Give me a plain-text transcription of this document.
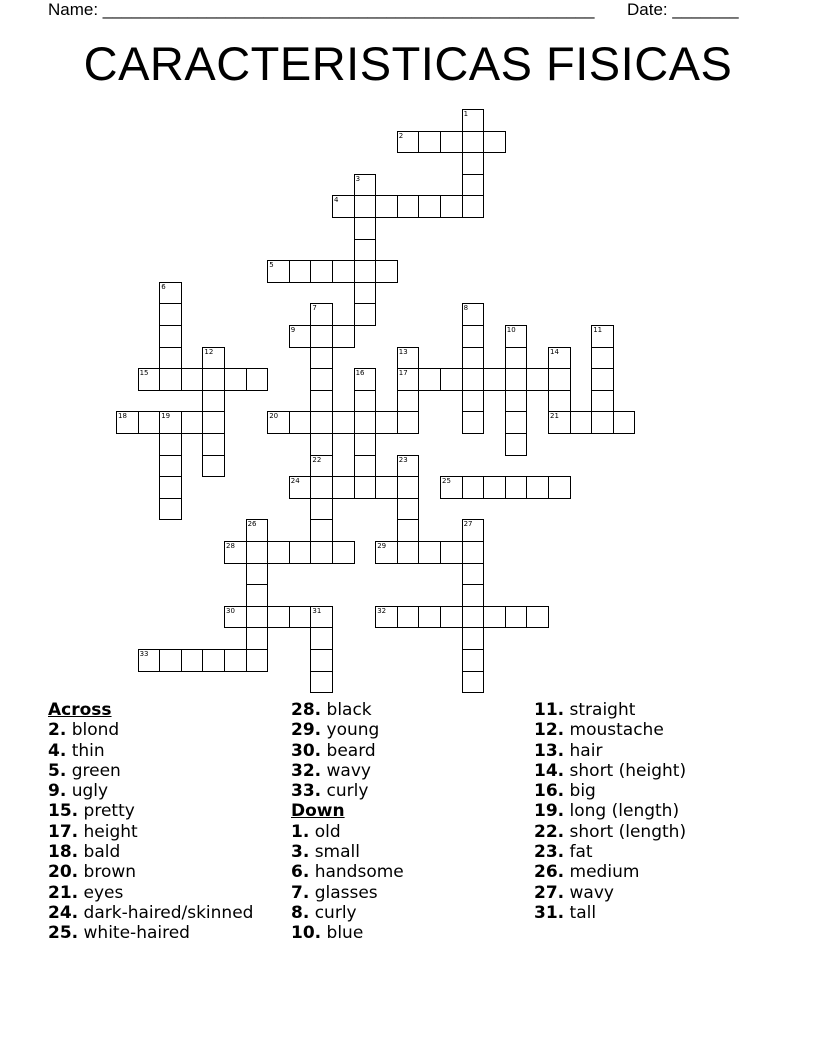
Name: ____________________________________________________ Date: _______
CARACTERISTICAS FISICAS
1
2
3
4
5
6
7	8
9	10	11
12	13
17
14
21
15	16
18	19	20
22	23
24	25
26	27
28	29
30	31	32
33
Across
2. blond
4. thin
5. green
9. ugly
15. pretty
17. height
18. bald
20. brown
21. eyes
24. dark-haired/skinned
25. white-haired
28. black
29. young
30. beard
32. wavy
33. curly
Down
1. old
3. small
6. handsome
7. glasses
8. curly
10. blue
11. straight
12. moustache
13. hair
14. short (height)
16. big
19. long (length)
22. short (length)
23. fat
26. medium
27. wavy
31. tall
